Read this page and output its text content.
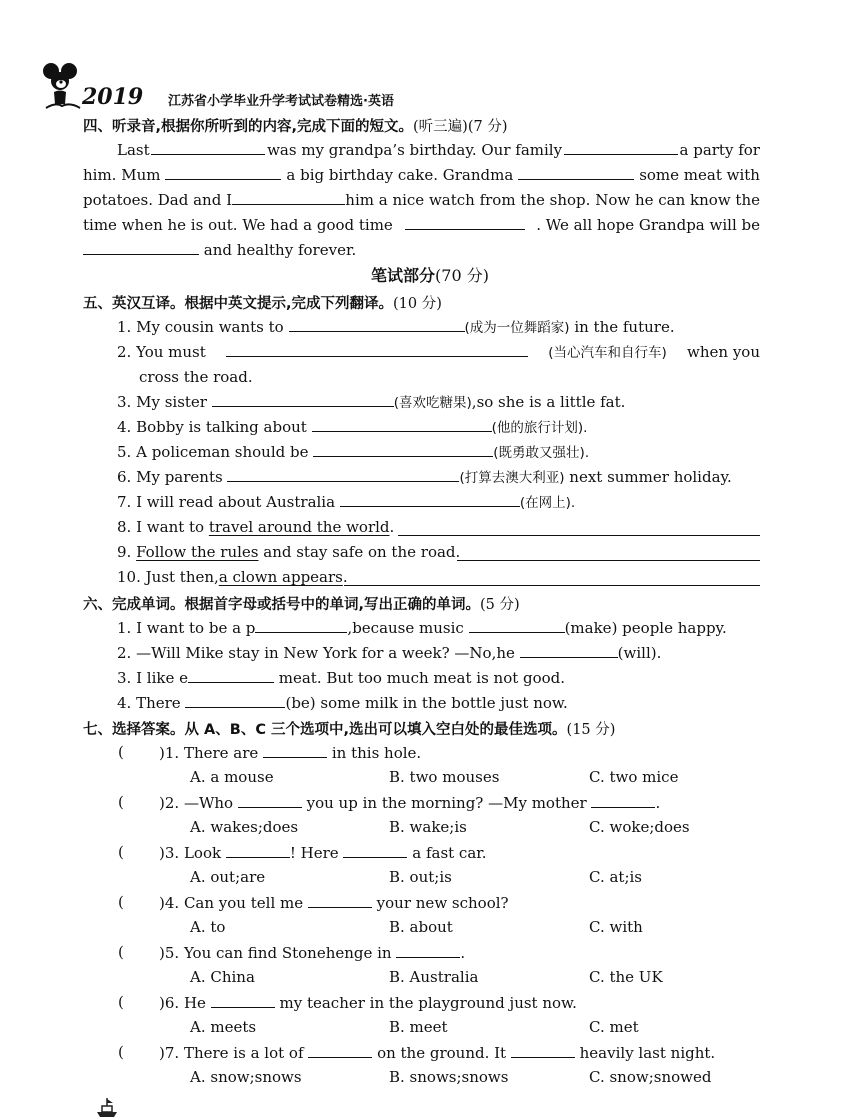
2019 江苏省小学毕业升学考试试卷精选·英语
四、听录音,根据你所听到的内容,完成下面的短文。(听三遍)(7 分)
Last	was my grandpa’s birthday. Our family	a party for
him. Mum	a big birthday cake. Grandma	some meat with
potatoes. Dad and I	him a nice watch from the shop. Now he can know the
time when he is out. We had a good time	. We all hope Grandpa will be
and healthy forever.
笔试部分(70 分)
五、英汉互译。根据中英文提示,完成下列翻译。(10 分)
1. My cousin wants to	(成为一位舞蹈家) in the future.
2. You must	(当心汽车和自行车) when you
cross the road.
3. My sister	(喜欢吃糖果),so she is a little fat.
4. Bobby is talking about	(他的旅行计划).
5. A policeman should be	(既勇敢又强壮).
6. My parents	(打算去澳大利亚) next summer holiday.
7. I will read about Australia	(在网上).
8. I want to travel around the world.
9. Follow the rules and stay safe on the road.
10. Just then,a clown appears.
六、完成单词。根据首字母或括号中的单词,写出正确的单词。(5 分)
1. I want to be a p	,because music	(make) people happy.
2. —Will Mike stay in New York for a week? —No,he	(will).
3. I like e	meat. But too much meat is not good.
4. There	(be) some milk in the bottle just now.
七、选择答案。从 A、B、C 三个选项中,选出可以填入空白处的最佳选项。(15 分)
( )1. There are	in this hole.
A. a mouse	B. two mouses	C. two mice
( )2. —Who	you up in the morning? —My mother	.
A. wakes;does	B. wake;is	C. woke;does
( )3. Look	! Here	a fast car.
A. out;are	B. out;is	C. at;is
( )4. Can you tell me	your new school?
A. to	B. about	C. with
( )5. You can find Stonehenge in	.
A. China	B. Australia	C. the UK
( )6. He	my teacher in the playground just now.
A. meets	B. meet	C. met
( )7. There is a lot of	on the ground. It	heavily last night.
A. snow;snows	B. snows;snows	C. snow;snowed
